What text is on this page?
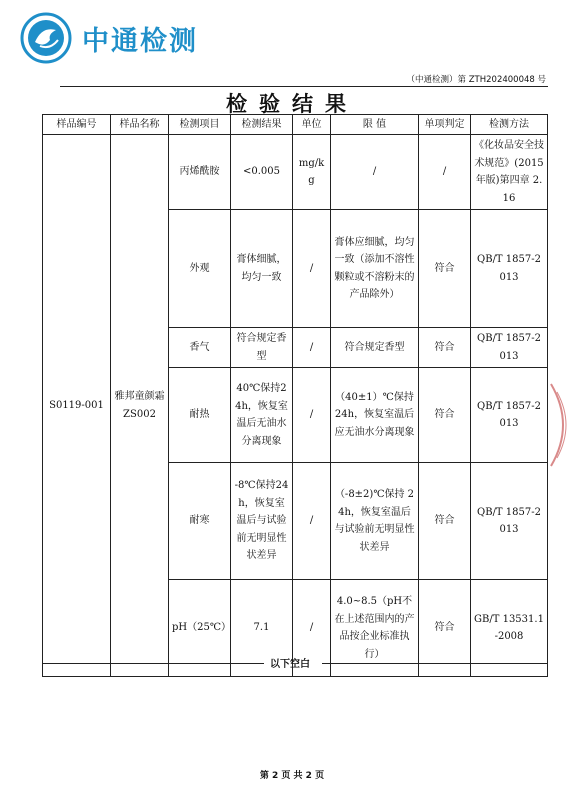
中通检测
（中通检测）第 ZTH202400048 号
检验结果
样品编号	样品名称	检测项目	检测结果	单位	限 值	单项判定	检测方法
S0119-001	雅邦童颜霜 ZS002	丙烯酰胺	<0.005	mg/kg	/	/	《化妆品安全技术规范》(2015 年版)第四章 2.16
		外观	膏体细腻，均匀一致	/	膏体应细腻，均匀一致（添加不溶性颗粒或不溶粉末的产品除外）	符合	QB/T 1857-2013
		香气	符合规定香型	/	符合规定香型	符合	QB/T 1857-2013
		耐热	40℃保持24h，恢复室温后无油水分离现象	/	（40±1）℃保持 24h，恢复室温后应无油水分离现象	符合	QB/T 1857-2013
		耐寒	-8℃保持24h，恢复室温后与试验前无明显性状差异	/	（-8±2)℃保持 24h，恢复室温后与试验前无明显性状差异	符合	QB/T 1857-2013
		pH（25℃）	7.1	/	4.0~8.5（pH不在上述范围内的产品按企业标准执行）	符合	GB/T 13531.1-2008
以下空白
第 2 页 共 2 页
